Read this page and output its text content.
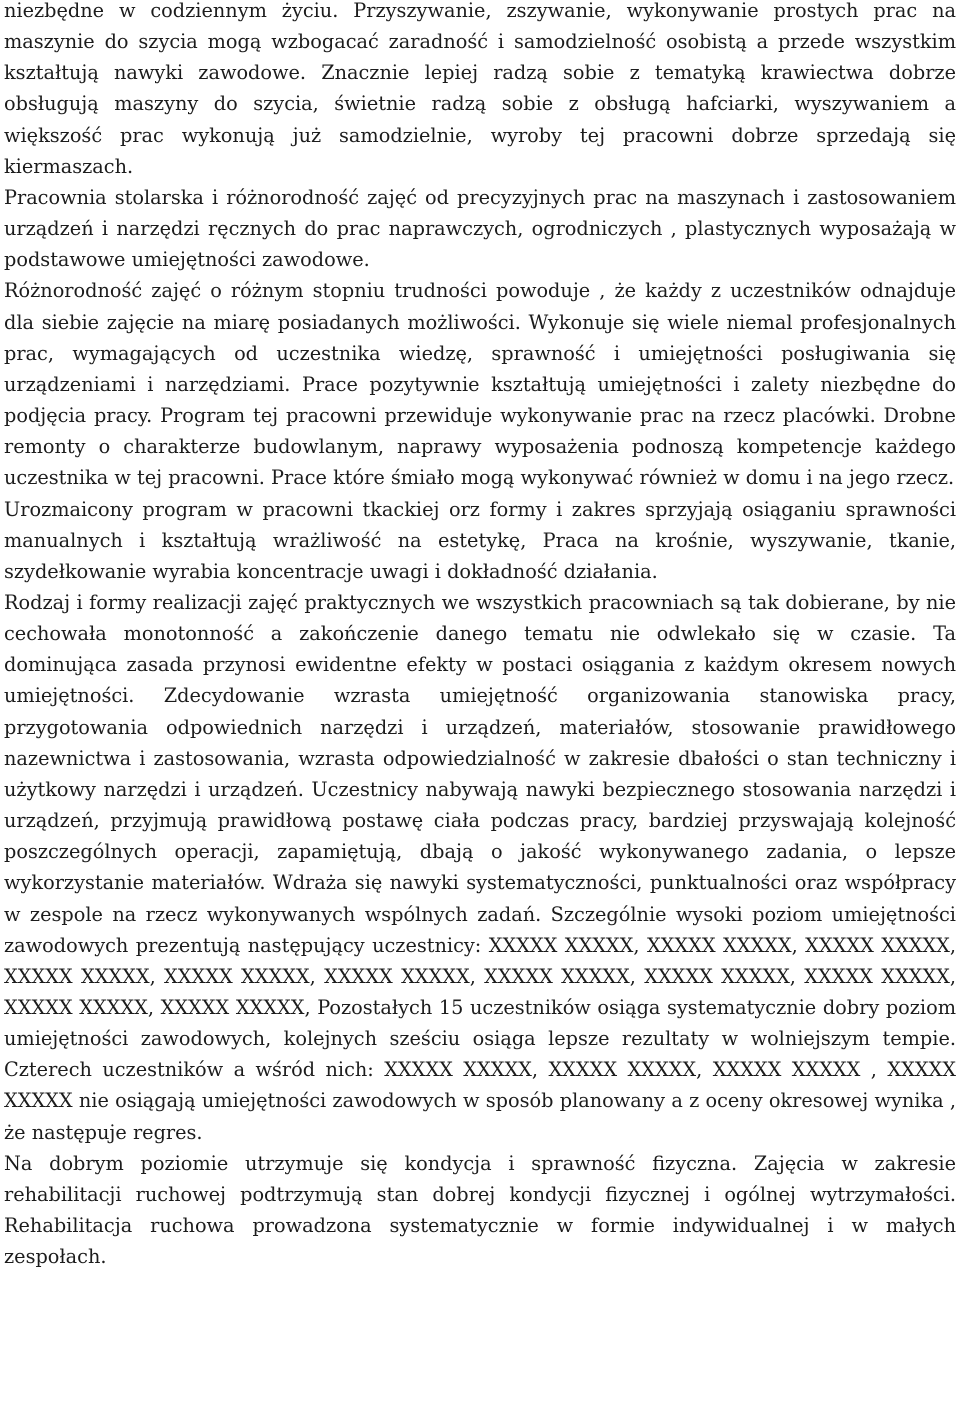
niezbędne w codziennym życiu. Przyszywanie, zszywanie, wykonywanie prostych prac na maszynie do szycia mogą wzbogacać zaradność i samodzielność osobistą a przede wszystkim kształtują nawyki zawodowe. Znacznie lepiej radzą sobie z tematyką krawiectwa dobrze obsługują maszyny do szycia, świetnie radzą sobie z obsługą hafciarki, wyszywaniem a większość prac wykonują już samodzielnie, wyroby tej pracowni dobrze sprzedają się kiermaszach.

Pracownia stolarska i różnorodność zajęć od precyzyjnych prac na maszynach i zastosowaniem urządzeń i narzędzi ręcznych do prac naprawczych, ogrodniczych , plastycznych wyposażają w podstawowe umiejętności zawodowe.

Różnorodność zajęć o różnym stopniu trudności powoduje , że każdy z uczestników odnajduje dla siebie zajęcie na miarę posiadanych możliwości. Wykonuje się wiele niemal profesjonalnych prac, wymagających od uczestnika wiedzę, sprawność i umiejętności posługiwania się urządzeniami i narzędziami. Prace pozytywnie kształtują umiejętności i zalety niezbędne do podjęcia pracy. Program tej pracowni przewiduje wykonywanie prac na rzecz placówki. Drobne remonty o charakterze budowlanym, naprawy wyposażenia podnoszą kompetencje każdego uczestnika w tej pracowni. Prace które śmiało mogą wykonywać również w domu i na jego rzecz.

Urozmaicony program w pracowni tkackiej orz formy i zakres sprzyjają osiąganiu sprawności manualnych i kształtują wrażliwość na estetykę, Praca na krośnie, wyszywanie, tkanie, szydełkowanie wyrabia koncentracje uwagi i dokładność działania.

Rodzaj i formy realizacji zajęć praktycznych we wszystkich pracowniach są tak dobierane, by nie cechowała monotonność a zakończenie danego tematu nie odwlekało się w czasie. Ta dominująca zasada przynosi ewidentne efekty w postaci osiągania z każdym okresem nowych umiejętności. Zdecydowanie wzrasta umiejętność organizowania stanowiska pracy, przygotowania odpowiednich narzędzi i urządzeń, materiałów, stosowanie prawidłowego nazewnictwa i zastosowania, wzrasta odpowiedzialność w zakresie dbałości o stan techniczny i użytkowy narzędzi i urządzeń. Uczestnicy nabywają nawyki bezpiecznego stosowania narzędzi i urządzeń, przyjmują prawidłową postawę ciała podczas pracy, bardziej przyswajają kolejność poszczególnych operacji, zapamiętują, dbają o jakość wykonywanego zadania, o lepsze wykorzystanie materiałów. Wdraża się nawyki systematyczności, punktualności oraz współpracy w zespole na rzecz wykonywanych wspólnych zadań. Szczególnie wysoki poziom umiejętności zawodowych prezentują następujący uczestnicy: XXXXX XXXXX, XXXXX XXXXX, XXXXX XXXXX, XXXXX XXXXX, XXXXX XXXXX, XXXXX XXXXX, XXXXX XXXXX, XXXXX XXXXX, XXXXX XXXXX, XXXXX XXXXX, XXXXX XXXXX, Pozostałych 15 uczestników osiąga systematycznie dobry poziom umiejętności zawodowych, kolejnych sześciu osiąga lepsze rezultaty w wolniejszym tempie. Czterech uczestników a wśród nich: XXXXX XXXXX, XXXXX XXXXX, XXXXX XXXXX , XXXXX XXXXX nie osiągają umiejętności zawodowych w sposób planowany a z oceny okresowej wynika , że następuje regres.

Na dobrym poziomie utrzymuje się kondycja i sprawność fizyczna. Zajęcia w zakresie rehabilitacji ruchowej podtrzymują stan dobrej kondycji fizycznej i ogólnej wytrzymałości. Rehabilitacja ruchowa prowadzona systematycznie w formie indywidualnej i w małych zespołach.
